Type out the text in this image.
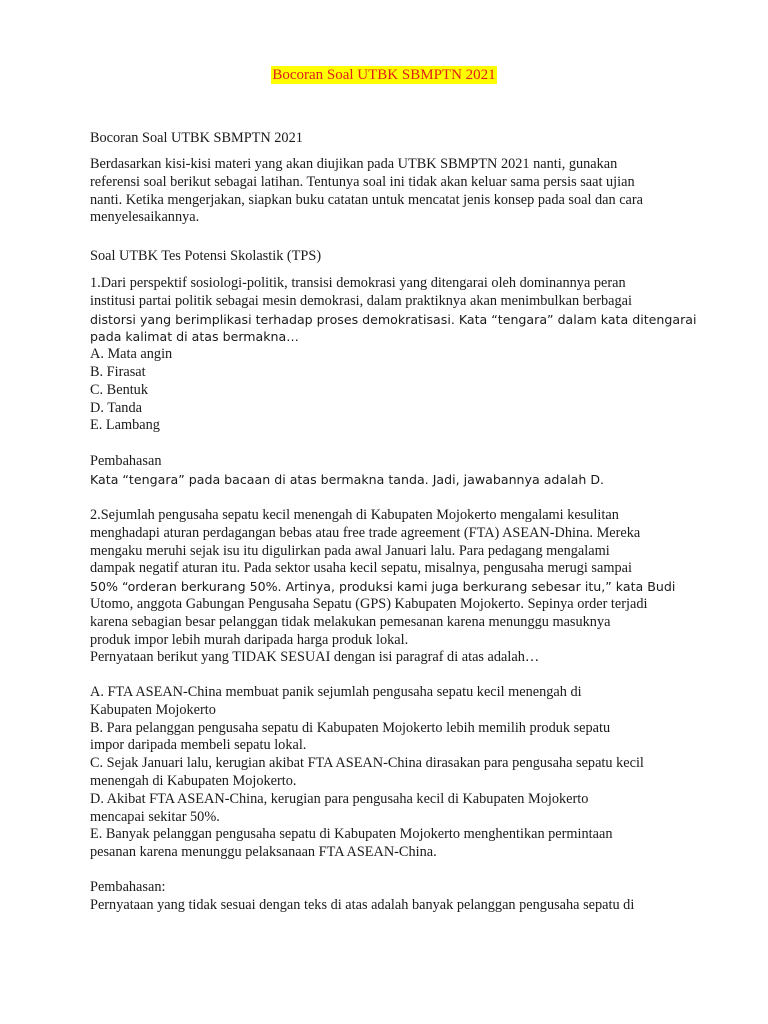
Bocoran Soal UTBK SBMPTN 2021

Bocoran Soal UTBK SBMPTN 2021

Berdasarkan kisi-kisi materi yang akan diujikan pada UTBK SBMPTN 2021 nanti, gunakan
referensi soal berikut sebagai latihan. Tentunya soal ini tidak akan keluar sama persis saat ujian
nanti. Ketika mengerjakan, siapkan buku catatan untuk mencatat jenis konsep pada soal dan cara
menyelesaikannya.

Soal UTBK Tes Potensi Skolastik (TPS)

1.Dari perspektif sosiologi-politik, transisi demokrasi yang ditengarai oleh dominannya peran
institusi partai politik sebagai mesin demokrasi, dalam praktiknya akan menimbulkan berbagai
distorsi yang berimplikasi terhadap proses demokratisasi. Kata “tengara” dalam kata ditengarai
pada kalimat di atas bermakna…
A. Mata angin
B. Firasat
C. Bentuk
D. Tanda
E. Lambang
Pembahasan
Kata “tengara” pada bacaan di atas bermakna tanda. Jadi, jawabannya adalah D.
2.Sejumlah pengusaha sepatu kecil menengah di Kabupaten Mojokerto mengalami kesulitan
menghadapi aturan perdagangan bebas atau free trade agreement (FTA) ASEAN-Dhina. Mereka
mengaku meruhi sejak isu itu digulirkan pada awal Januari lalu. Para pedagang mengalami
dampak negatif aturan itu. Pada sektor usaha kecil sepatu, misalnya, pengusaha merugi sampai
50% “orderan berkurang 50%. Artinya, produksi kami juga berkurang sebesar itu,” kata Budi
Utomo, anggota Gabungan Pengusaha Sepatu (GPS) Kabupaten Mojokerto. Sepinya order terjadi
karena sebagian besar pelanggan tidak melakukan pemesanan karena menunggu masuknya
produk impor lebih murah daripada harga produk lokal.
Pernyataan berikut yang TIDAK SESUAI dengan isi paragraf di atas adalah…
A. FTA ASEAN-China membuat panik sejumlah pengusaha sepatu kecil menengah di
Kabupaten Mojokerto
B. Para pelanggan pengusaha sepatu di Kabupaten Mojokerto lebih memilih produk sepatu
impor daripada membeli sepatu lokal.
C. Sejak Januari lalu, kerugian akibat FTA ASEAN-China dirasakan para pengusaha sepatu kecil
menengah di Kabupaten Mojokerto.
D. Akibat FTA ASEAN-China, kerugian para pengusaha kecil di Kabupaten Mojokerto
mencapai sekitar 50%.
E. Banyak pelanggan pengusaha sepatu di Kabupaten Mojokerto menghentikan permintaan
pesanan karena menunggu pelaksanaan FTA ASEAN-China.
Pembahasan:
Pernyataan yang tidak sesuai dengan teks di atas adalah banyak pelanggan pengusaha sepatu di
